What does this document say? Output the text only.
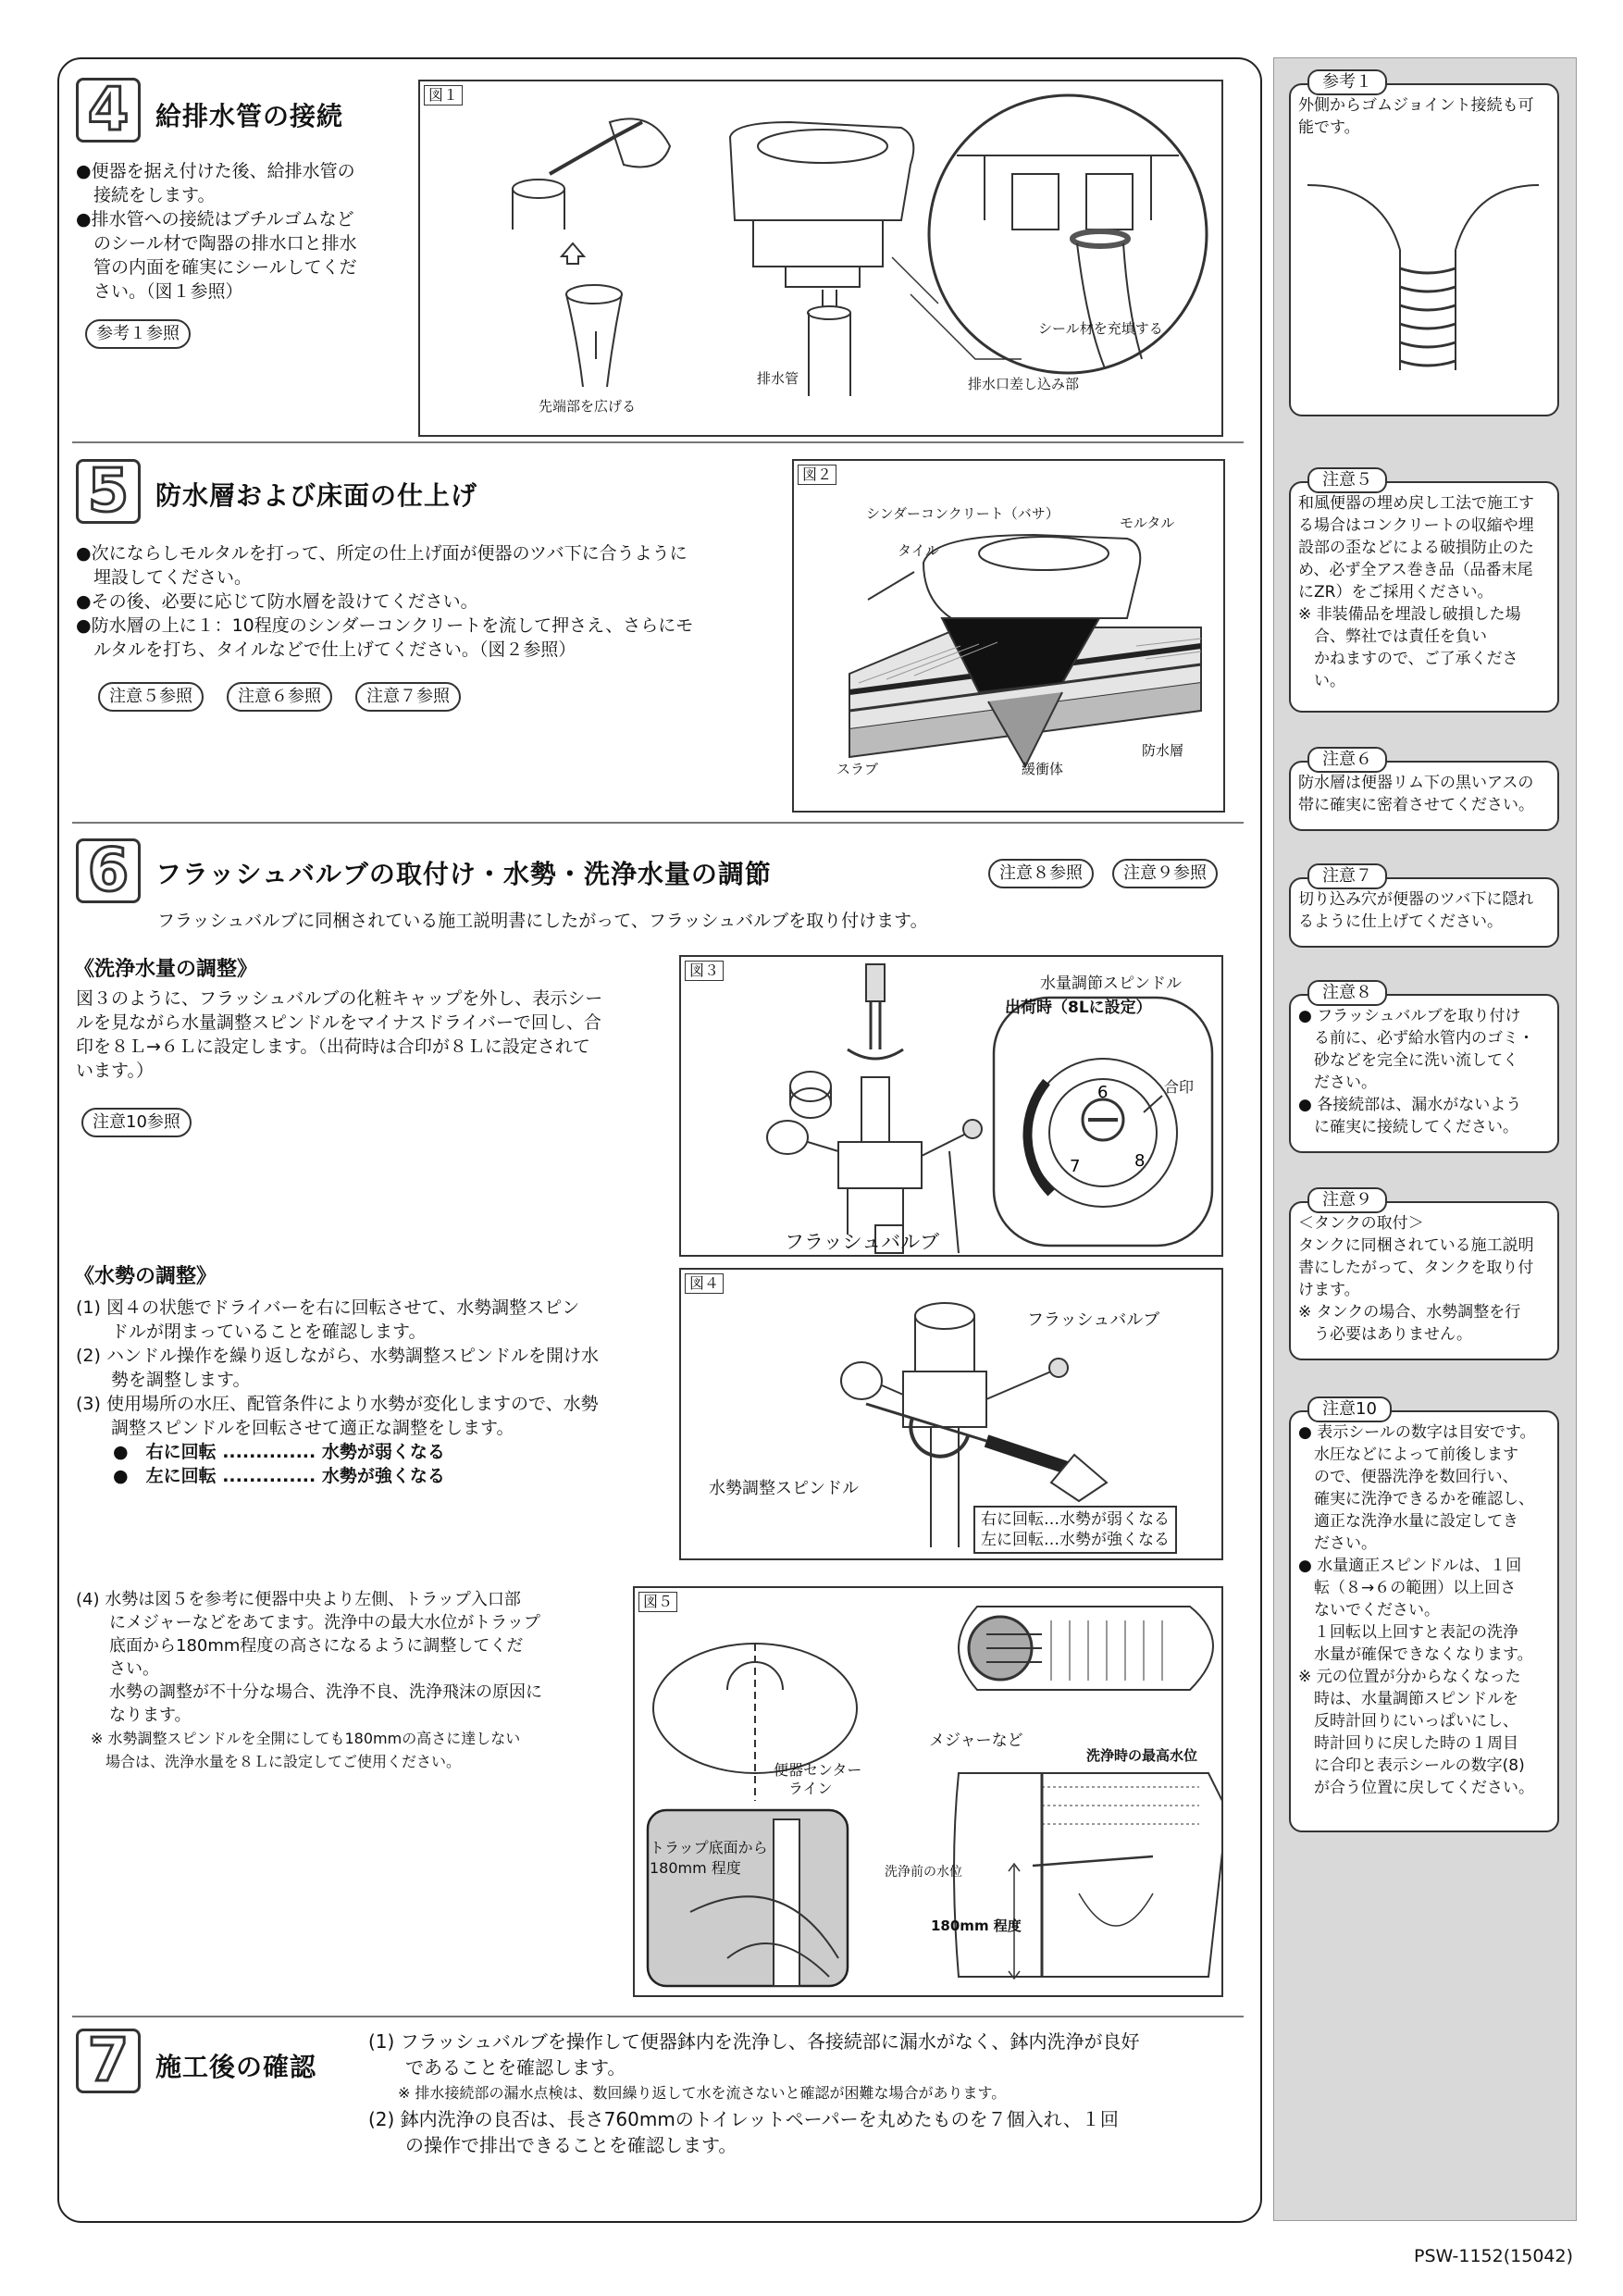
4 給排水管の接続

●便器を据え付けた後、給排水管の

　接続をします。

●排水管への接続はブチルゴムなど

　のシール材で陶器の排水口と排水

　管の内面を確実にシールしてくだ

　さい。（図１参照）

参考１参照
図１
先端部を広げる
排水管	排水口差し込み部
シール材を充填する
5 防水層および床面の仕上げ

●次にならしモルタルを打って、所定の仕上げ面が便器のツバ下に合うように

　埋設してください。

●その後、必要に応じて防水層を設けてください。

●防水層の上に１：10程度のシンダーコンクリートを流して押さえ、さらにモ

　ルタルを打ち、タイルなどで仕上げてください。（図２参照）

注意５参照	注意６参照	注意７参照
図２
シンダーコンクリート（バサ）
タイル
モルタル
スラブ	緩衝体
防水層
6 フラッシュバルブの取付け・水勢・洗浄水量の調節	注意８参照	注意９参照
フラッシュバルブに同梱されている施工説明書にしたがって、フラッシュバルブを取り付けます。
《洗浄水量の調整》

図３のように、フラッシュバルブの化粧キャップを外し、表示シー

ルを見ながら水量調整スピンドルをマイナスドライバーで回し、合

印を８Ｌ→６Ｌに設定します。（出荷時は合印が８Ｌに設定されて

います。）

注意10参照
図３
6
7	8
水量調節スピンドル
出荷時（8Lに設定）
合印
フラッシュバルブ
《水勢の調整》

(1) 図４の状態でドライバーを右に回転させて、水勢調整スピン

　　ドルが閉まっていることを確認します。

(2) ハンドル操作を繰り返しながら、水勢調整スピンドルを開け水

　　勢を調整します。

(3) 使用場所の水圧、配管条件により水勢が変化しますので、水勢

　　調整スピンドルを回転させて適正な調整をします。

●　右に回転 .............. 水勢が弱くなる

●　左に回転 .............. 水勢が強くなる

図４
フラッシュバルブ
水勢調整スピンドル
右に回転…水勢が弱くなる
左に回転…水勢が強くなる

(4) 水勢は図５を参考に便器中央より左側、トラップ入口部

　　にメジャーなどをあてます。洗浄中の最大水位がトラップ

　　底面から180mm程度の高さになるように調整してくだ

　　さい。

　　水勢の調整が不十分な場合、洗浄不良、洗浄飛沫の原因に

　　なります。

　※ 水勢調整スピンドルを全開にしても180mmの高さに達しない

　　場合は、洗浄水量を８Ｌに設定してご使用ください。

図５
便器センター
ライン
トラップ底面から
180mm 程度
メジャーなど
洗浄時の最高水位
洗浄前の水位
180mm 程度
7 施工後の確認

(1) フラッシュバルブを操作して便器鉢内を洗浄し、各接続部に漏水がなく、鉢内洗浄が良好

　　であることを確認します。

　　※ 排水接続部の漏水点検は、数回繰り返して水を流さないと確認が困難な場合があります。

(2) 鉢内洗浄の良否は、長さ760mmのトイレットペーパーを丸めたものを７個入れ、１回

　　の操作で排出できることを確認します。

参考１

外側からゴムジョイント接続も可

能です。

注意５

和風便器の埋め戻し工法で施工す

る場合はコンクリートの収縮や埋

設部の歪などによる破損防止のた

め、必ず全アス巻き品（品番末尾

にZR）をご採用ください。

※ 非装備品を埋設し破損した場

　合、弊社では責任を負い

　かねますので、ご了承くださ

　い。

注意６

防水層は便器リム下の黒いアスの

帯に確実に密着させてください。

注意７

切り込み穴が便器のツバ下に隠れ

るように仕上げてください。

注意８

● フラッシュバルブを取り付け

　る前に、必ず給水管内のゴミ・

　砂などを完全に洗い流してく

　ださい。

● 各接続部は、漏水がないよう

　に確実に接続してください。

注意９

＜タンクの取付＞

タンクに同梱されている施工説明

書にしたがって、タンクを取り付

けます。

※ タンクの場合、水勢調整を行

　う必要はありません。

注意10

● 表示シールの数字は目安です。

　水圧などによって前後します

　ので、便器洗浄を数回行い、

　確実に洗浄できるかを確認し、

　適正な洗浄水量に設定してき

　ださい。

● 水量適正スピンドルは、１回

　転（８→６の範囲）以上回さ

　ないでください。

　１回転以上回すと表記の洗浄

　水量が確保できなくなります。

※ 元の位置が分からなくなった

　時は、水量調節スピンドルを

　反時計回りにいっぱいにし、

　時計回りに戻した時の１周目

　に合印と表示シールの数字(8)

　が合う位置に戻してください。

PSW-1152(15042)
